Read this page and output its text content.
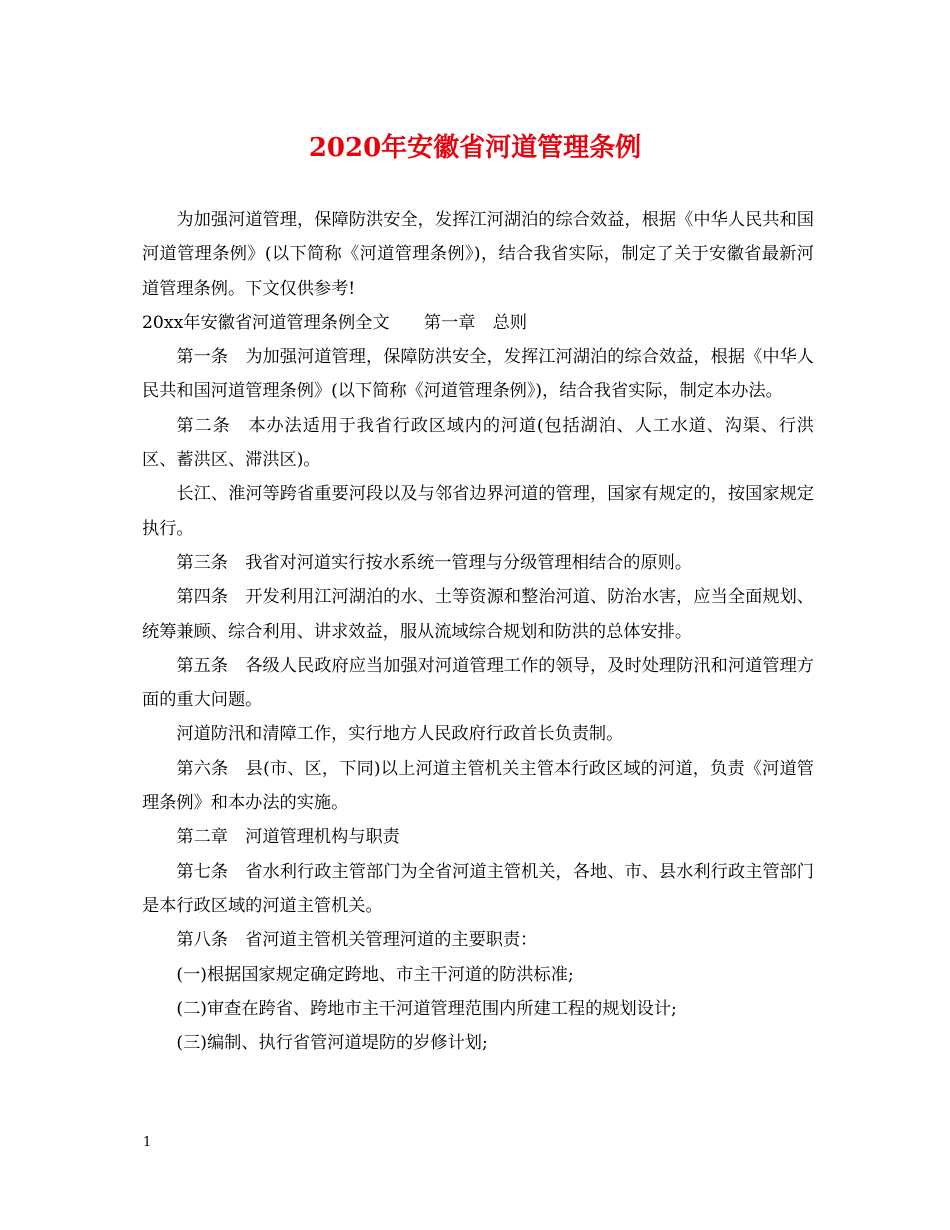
2020年安徽省河道管理条例

为加强河道管理，保障防洪安全，发挥江河湖泊的综合效益，根据《中华人民共和国河道管理条例》(以下简称《河道管理条例》)，结合我省实际，制定了关于安徽省最新河道管理条例。下文仅供参考!

20xx年安徽省河道管理条例全文　　第一章　总则

第一条　为加强河道管理，保障防洪安全，发挥江河湖泊的综合效益，根据《中华人民共和国河道管理条例》(以下简称《河道管理条例》)，结合我省实际，制定本办法。

第二条　本办法适用于我省行政区域内的河道(包括湖泊、人工水道、沟渠、行洪区、蓄洪区、滞洪区)。

长江、淮河等跨省重要河段以及与邻省边界河道的管理，国家有规定的，按国家规定执行。

第三条　我省对河道实行按水系统一管理与分级管理相结合的原则。

第四条　开发利用江河湖泊的水、土等资源和整治河道、防治水害，应当全面规划、统筹兼顾、综合利用、讲求效益，服从流域综合规划和防洪的总体安排。

第五条　各级人民政府应当加强对河道管理工作的领导，及时处理防汛和河道管理方面的重大问题。

河道防汛和清障工作，实行地方人民政府行政首长负责制。

第六条　县(市、区，下同)以上河道主管机关主管本行政区域的河道，负责《河道管理条例》和本办法的实施。

第二章　河道管理机构与职责

第七条　省水利行政主管部门为全省河道主管机关，各地、市、县水利行政主管部门是本行政区域的河道主管机关。

第八条　省河道主管机关管理河道的主要职责：

(一)根据国家规定确定跨地、市主干河道的防洪标准;

(二)审查在跨省、跨地市主干河道管理范围内所建工程的规划设计;

(三)编制、执行省管河道堤防的岁修计划;

1
